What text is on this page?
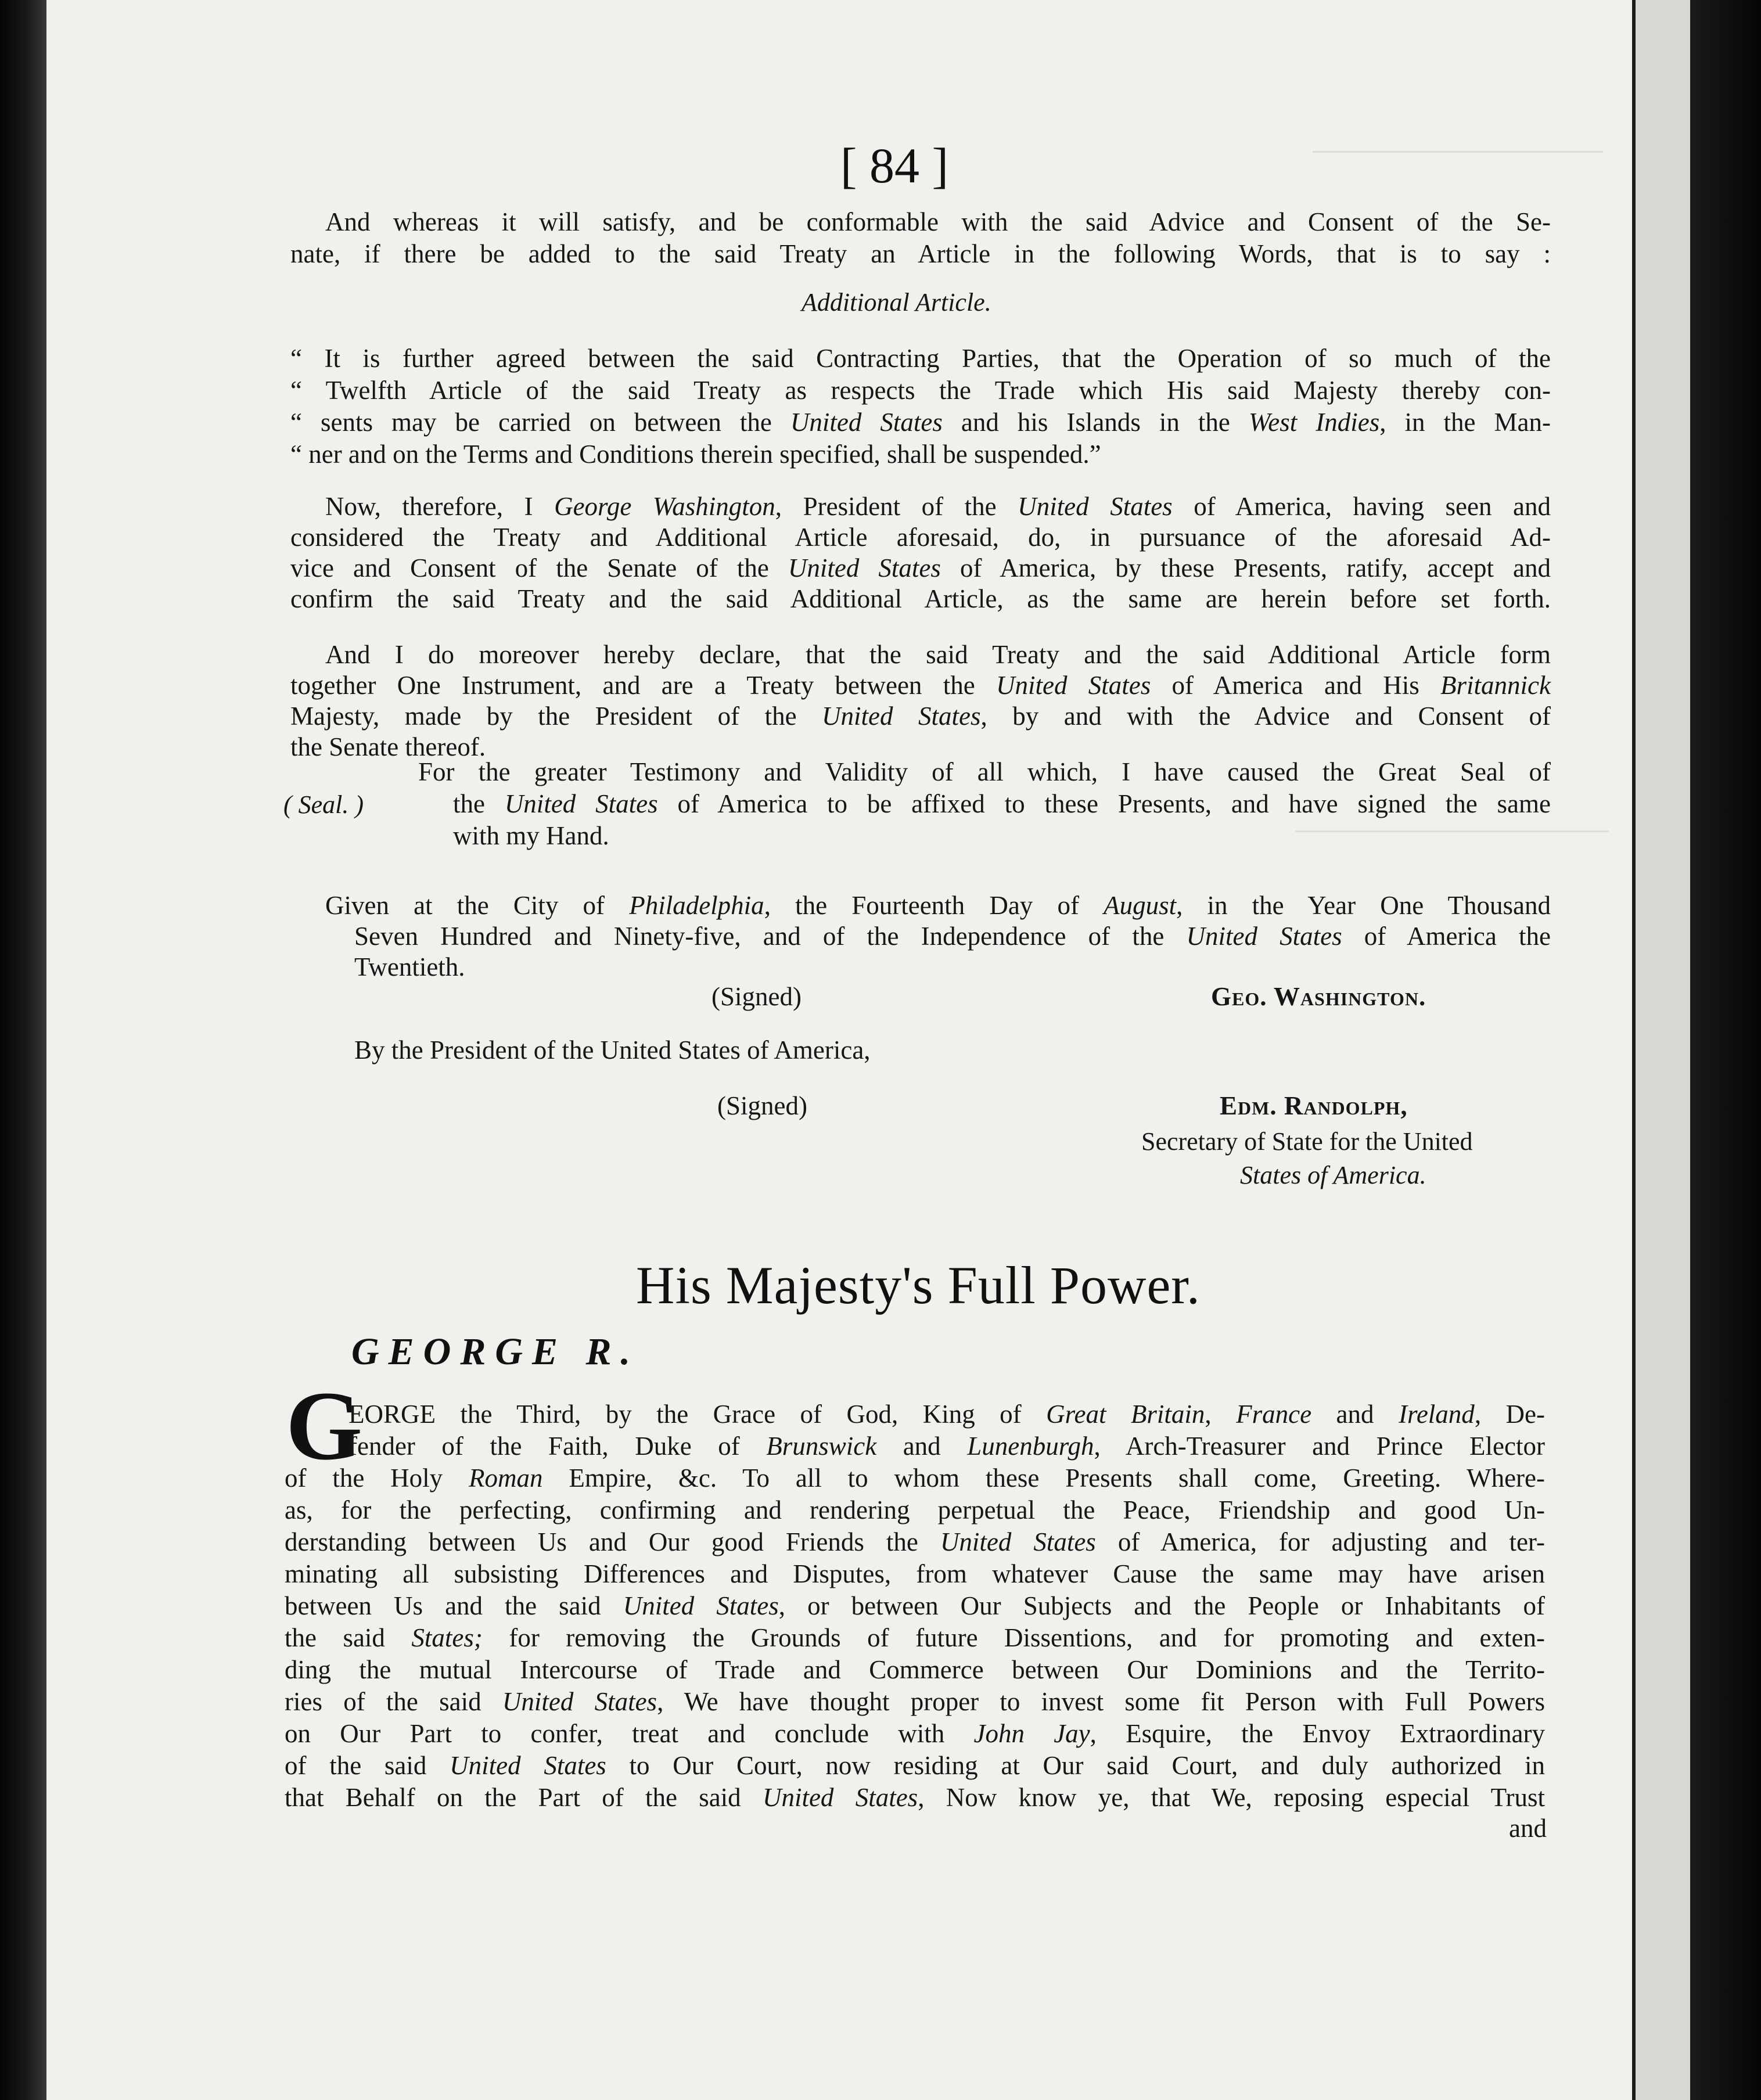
[ 84 ]
And whereas it will satisfy, and be conformable with the said Advice and Consent of the Se-
nate, if there be added to the said Treaty an Article in the following Words, that is to say :
Additional Article.
“ It is further agreed between the said Contracting Parties, that the Operation of so much of the
“ Twelfth Article of the said Treaty as respects the Trade which His said Majesty thereby con-
“ sents may be carried on between the United States and his Islands in the West Indies, in the Man-
“ ner and on the Terms and Conditions therein specified, shall be suspended.”
Now, therefore, I George Washington, President of the United States of America, having seen and
considered the Treaty and Additional Article aforesaid, do, in pursuance of the aforesaid Ad-
vice and Consent of the Senate of the United States of America, by these Presents, ratify, accept and
confirm the said Treaty and the said Additional Article, as the same are herein before set forth.
And I do moreover hereby declare, that the said Treaty and the said Additional Article form
together One Instrument, and are a Treaty between the United States of America and His Britannick
Majesty, made by the President of the United States, by and with the Advice and Consent of
the Senate thereof.
( Seal. )
For the greater Testimony and Validity of all which, I have caused the Great Seal of
the United States of America to be affixed to these Presents, and have signed the same
with my Hand.
Given at the City of Philadelphia, the Fourteenth Day of August, in the Year One Thousand
Seven Hundred and Ninety-five, and of the Independence of the United States of America the
Twentieth.
(Signed)	Geo. Washington.
By the President of the United States of America,
(Signed)	Edm. Randolph,
Secretary of State for the United
States of America.
His Majesty's Full Power.
GEORGE R.
G
EORGE the Third, by the Grace of God, King of Great Britain, France and Ireland, De-
fender of the Faith, Duke of Brunswick and Lunenburgh, Arch-Treasurer and Prince Elector
of the Holy Roman Empire, &c. To all to whom these Presents shall come, Greeting. Where-
as, for the perfecting, confirming and rendering perpetual the Peace, Friendship and good Un-
derstanding between Us and Our good Friends the United States of America, for adjusting and ter-
minating all subsisting Differences and Disputes, from whatever Cause the same may have arisen
between Us and the said United States, or between Our Subjects and the People or Inhabitants of
the said States; for removing the Grounds of future Dissentions, and for promoting and exten-
ding the mutual Intercourse of Trade and Commerce between Our Dominions and the Territo-
ries of the said United States, We have thought proper to invest some fit Person with Full Powers
on Our Part to confer, treat and conclude with John Jay, Esquire, the Envoy Extraordinary
of the said United States to Our Court, now residing at Our said Court, and duly authorized in
that Behalf on the Part of the said United States, Now know ye, that We, reposing especial Trust
and
